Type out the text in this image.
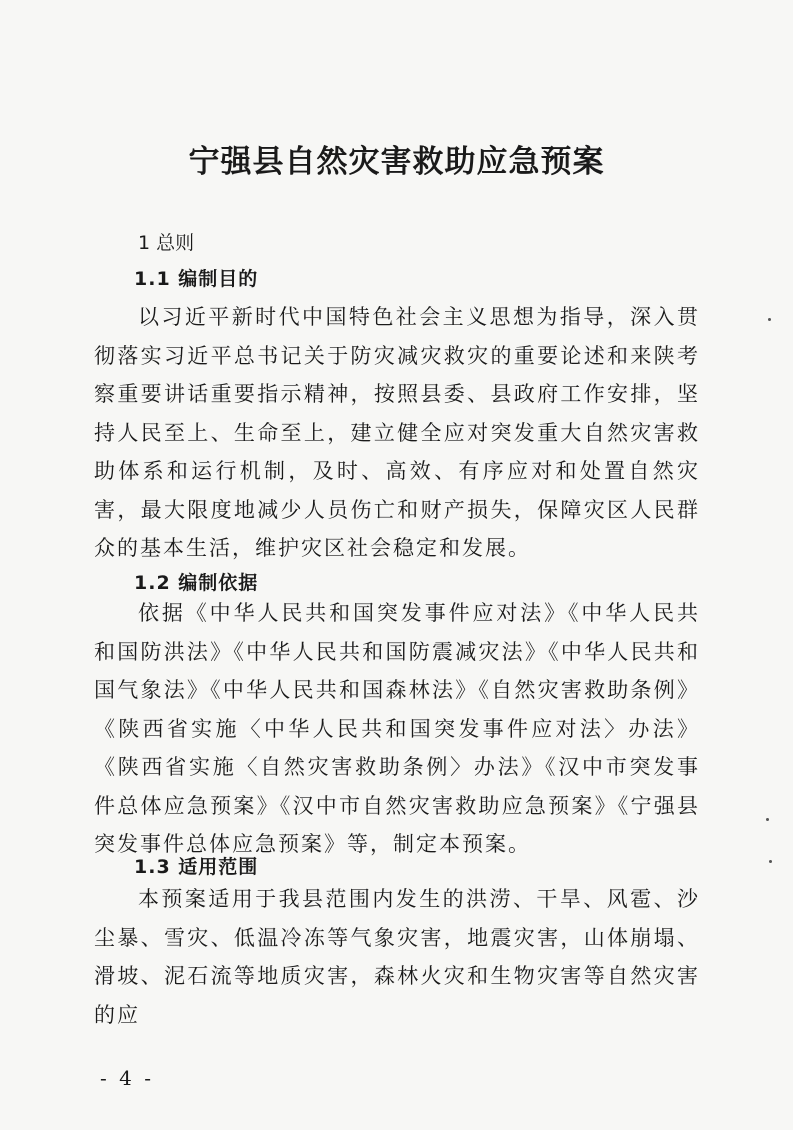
宁强县自然灾害救助应急预案
1 总则
1.1 编制目的

以习近平新时代中国特色社会主义思想为指导，深入贯彻落实习近平总书记关于防灾减灾救灾的重要论述和来陕考察重要讲话重要指示精神，按照县委、县政府工作安排，坚持人民至上、生命至上，建立健全应对突发重大自然灾害救助体系和运行机制，及时、高效、有序应对和处置自然灾害，最大限度地减少人员伤亡和财产损失，保障灾区人民群众的基本生活，维护灾区社会稳定和发展。

1.2 编制依据

依据《中华人民共和国突发事件应对法》《中华人民共和国防洪法》《中华人民共和国防震减灾法》《中华人民共和国气象法》《中华人民共和国森林法》《自然灾害救助条例》《陕西省实施〈中华人民共和国突发事件应对法〉办法》《陕西省实施〈自然灾害救助条例〉办法》《汉中市突发事件总体应急预案》《汉中市自然灾害救助应急预案》《宁强县突发事件总体应急预案》等，制定本预案。

1.3 适用范围

本预案适用于我县范围内发生的洪涝、干旱、风雹、沙尘暴、雪灾、低温冷冻等气象灾害，地震灾害，山体崩塌、滑坡、泥石流等地质灾害，森林火灾和生物灾害等自然灾害的应

- 4 -
